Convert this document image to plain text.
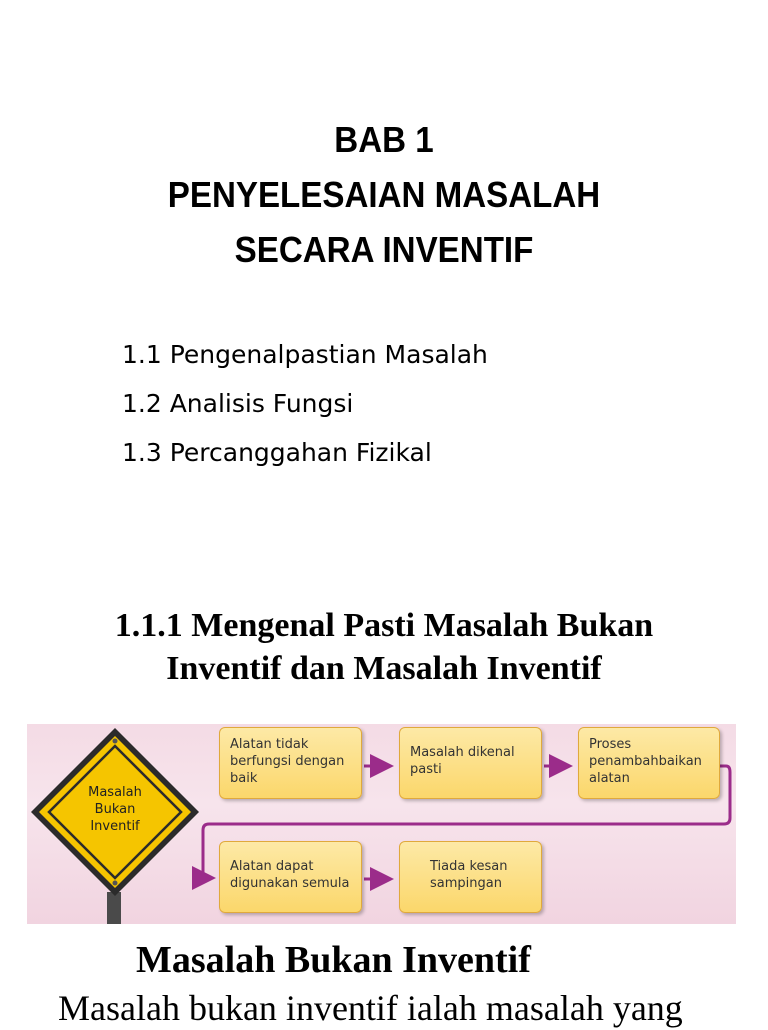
BAB 1
PENYELESAIAN MASALAH
SECARA INVENTIF
1.1 Pengenalpastian Masalah
1.2 Analisis Fungsi
1.3 Percanggahan Fizikal
1.1.1 Mengenal Pasti Masalah Bukan
Inventif dan Masalah Inventif
Masalah
Bukan
Inventif
Alatan tidak
berfungsi dengan
baik
Masalah dikenal
pasti
Proses
penambahbaikan
alatan
Alatan dapat
digunakan semula
Tiada kesan
sampingan
Masalah Bukan Inventif
Masalah bukan inventif ialah masalah yang
